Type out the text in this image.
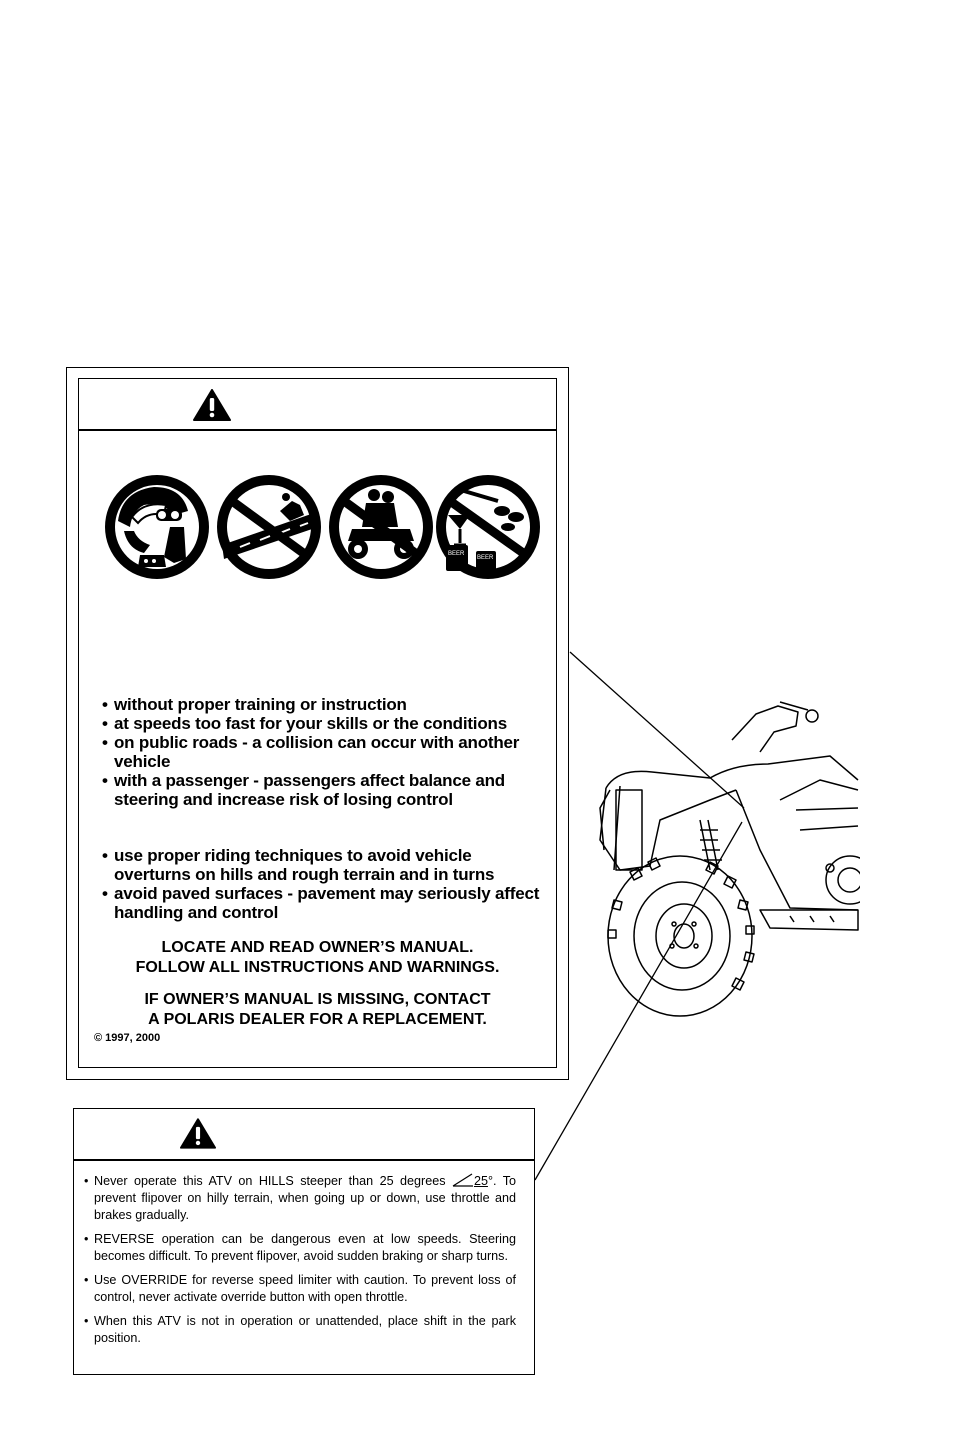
BEER
BEER
• without proper training or instruction
• at speeds too fast for your skills or the conditions
• on public roads - a collision can occur with another vehicle
• with a passenger - passengers affect balance and steering and increase risk of losing control
• use proper riding techniques to avoid vehicle overturns on hills and rough terrain and in turns
• avoid paved surfaces - pavement may seriously affect handling and control
LOCATE AND READ OWNER’S MANUAL.
FOLLOW ALL INSTRUCTIONS AND WARNINGS.
IF OWNER’S MANUAL IS MISSING, CONTACT
A POLARIS DEALER FOR A REPLACEMENT.
© 1997, 2000
• Never operate this ATV on HILLS steeper than 25 degrees 25°. To prevent flipover on hilly terrain, when going up or down, use throttle and brakes gradually.
• REVERSE operation can be dangerous even at low speeds. Steering becomes difficult. To prevent flipover, avoid sudden braking or sharp turns.
• Use OVERRIDE for reverse speed limiter with caution. To prevent loss of control, never activate override button with open throttle.
• When this ATV is not in operation or unattended, place shift in the park position.
